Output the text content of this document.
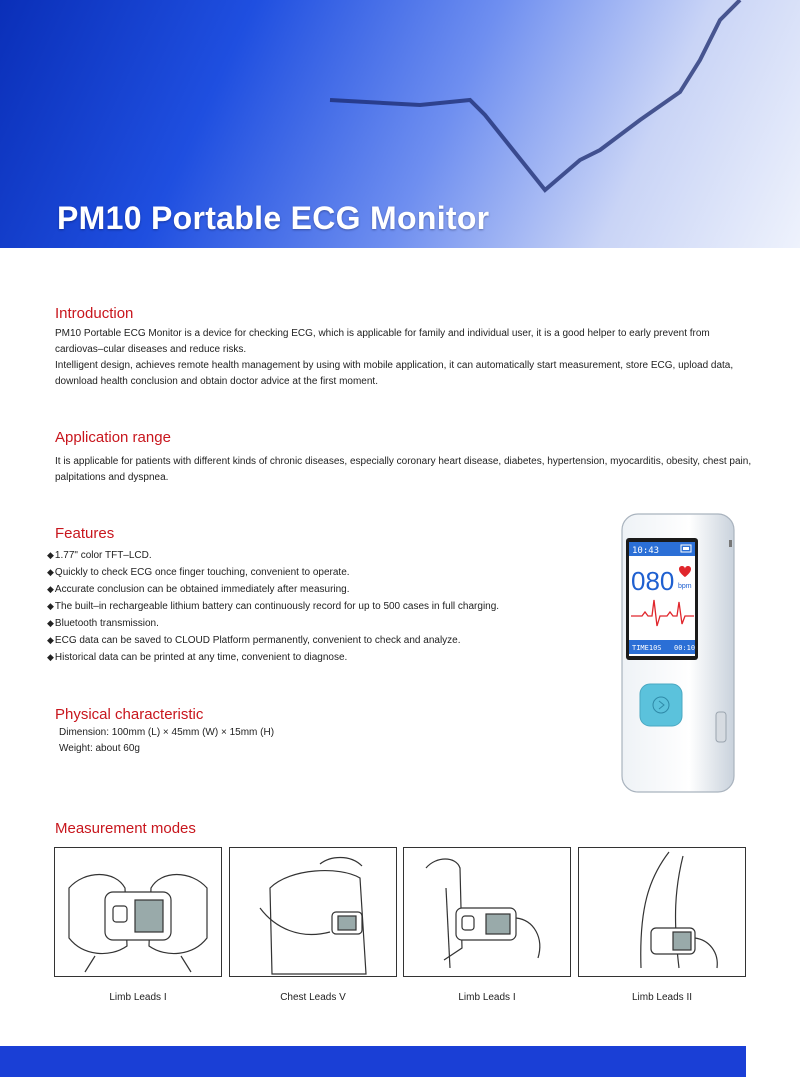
PM10 Portable ECG Monitor
Introduction

PM10 Portable ECG Monitor is a device for checking ECG, which is applicable for family and individual user, it is a good helper to early prevent from cardiovas–cular diseases and reduce risks.

Intelligent design, achieves remote health management by using with mobile application, it can automatically start measurement, store ECG, upload data, download health conclusion and obtain doctor advice at the first moment.

Application range
It is applicable for patients with different kinds of chronic diseases, especially coronary heart disease, diabetes, hypertension, myocarditis, obesity, chest pain, palpitations and dyspnea.
Features
◆1.77" color TFT–LCD.
◆Quickly to check ECG once finger touching, convenient to operate.
◆Accurate conclusion can be obtained immediately after measuring.
◆The built–in rechargeable lithium battery can continuously record for up to 500 cases in full charging.
◆Bluetooth transmission.
◆ECG data can be saved to CLOUD Platform permanently, convenient to check and analyze.
◆Historical data can be printed at any time, convenient to diagnose.
10:43
080 bpm
TIME10S 00:10
Physical characteristic
Dimension: 100mm (L) × 45mm (W) × 15mm (H)
Weight: about 60g
Measurement modes
Limb Leads I	Chest Leads V	Limb Leads I	Limb Leads II
